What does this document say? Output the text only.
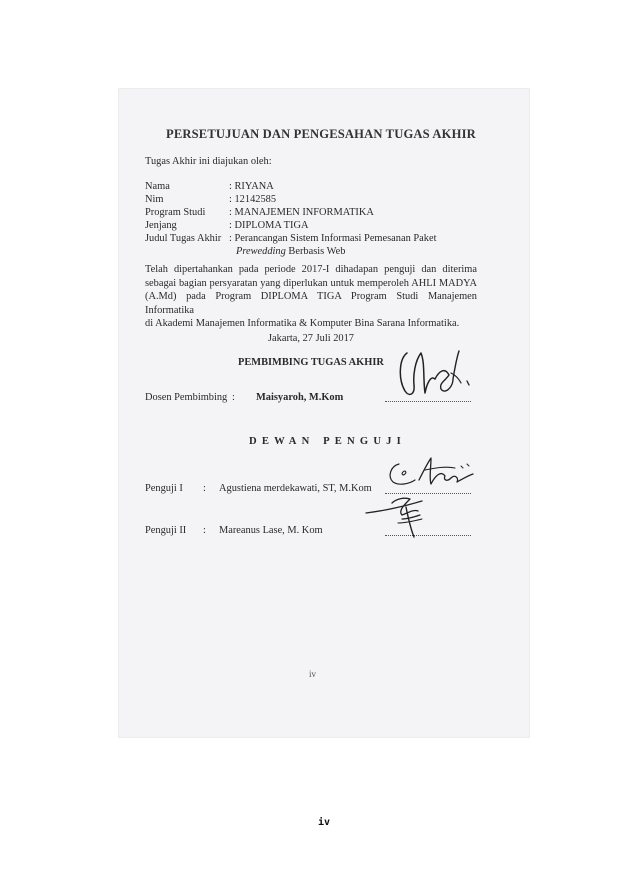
PERSETUJUAN DAN PENGESAHAN TUGAS AKHIR
Tugas Akhir ini diajukan oleh:
Nama	: RIYANA
Nim	: 12142585
Program Studi : MANAJEMEN INFORMATIKA
Jenjang	: DIPLOMA TIGA
Judul Tugas Akhir : Perancangan Sistem Informasi Pemesanan Paket
Prewedding Berbasis Web
Telah dipertahankan pada periode 2017-I dihadapan penguji dan diterima
sebagai bagian persyaratan yang diperlukan untuk memperoleh AHLI MADYA
(A.Md) pada Program DIPLOMA TIGA Program Studi Manajemen Informatika
di Akademi Manajemen Informatika & Komputer Bina Sarana Informatika.
Jakarta, 27 Juli 2017
PEMBIMBING TUGAS AKHIR
Dosen Pembimbing : Maisyaroh, M.Kom
DEWAN PENGUJI
Penguji I : Agustiena merdekawati, ST, M.Kom
Penguji II : Mareanus Lase, M. Kom
iv
iv
